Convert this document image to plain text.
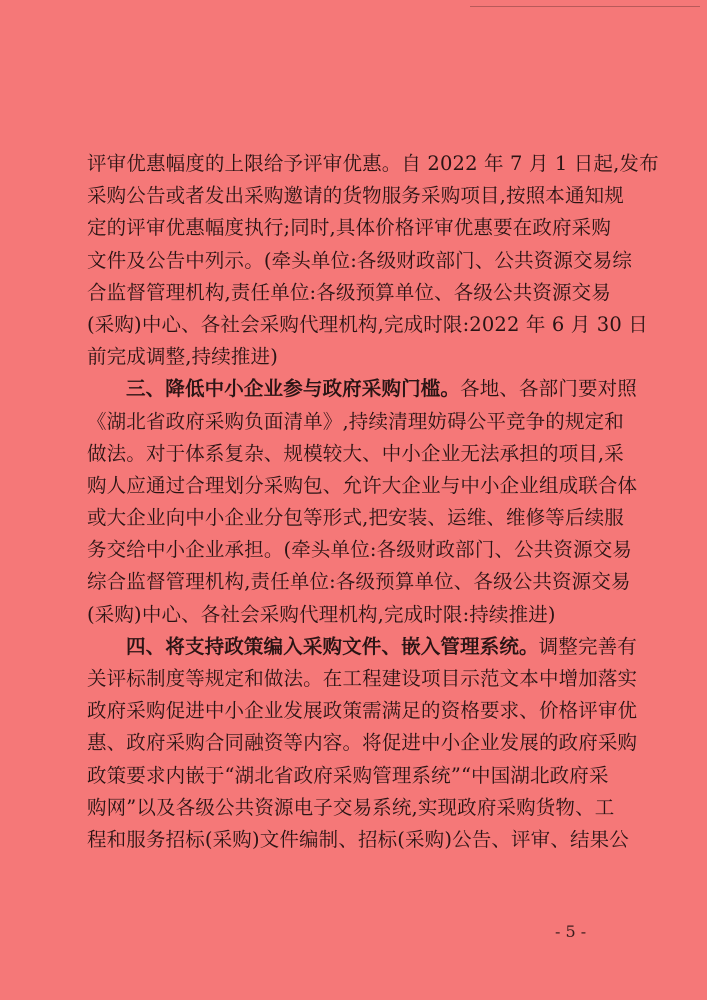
评审优惠幅度的上限给予评审优惠。自 2022 年 7 月 1 日起,发布
采购公告或者发出采购邀请的货物服务采购项目,按照本通知规
定的评审优惠幅度执行;同时,具体价格评审优惠要在政府采购
文件及公告中列示。(牵头单位:各级财政部门、公共资源交易综
合监督管理机构,责任单位:各级预算单位、各级公共资源交易
(采购)中心、各社会采购代理机构,完成时限:2022 年 6 月 30 日
前完成调整,持续推进)
三、降低中小企业参与政府采购门槛。各地、各部门要对照
《湖北省政府采购负面清单》,持续清理妨碍公平竞争的规定和
做法。对于体系复杂、规模较大、中小企业无法承担的项目,采
购人应通过合理划分采购包、允许大企业与中小企业组成联合体
或大企业向中小企业分包等形式,把安装、运维、维修等后续服
务交给中小企业承担。(牵头单位:各级财政部门、公共资源交易
综合监督管理机构,责任单位:各级预算单位、各级公共资源交易
(采购)中心、各社会采购代理机构,完成时限:持续推进)
四、将支持政策编入采购文件、嵌入管理系统。调整完善有
关评标制度等规定和做法。在工程建设项目示范文本中增加落实
政府采购促进中小企业发展政策需满足的资格要求、价格评审优
惠、政府采购合同融资等内容。将促进中小企业发展的政府采购
政策要求内嵌于“湖北省政府采购管理系统”“中国湖北政府采
购网”以及各级公共资源电子交易系统,实现政府采购货物、工
程和服务招标(采购)文件编制、招标(采购)公告、评审、结果公
- 5 -
